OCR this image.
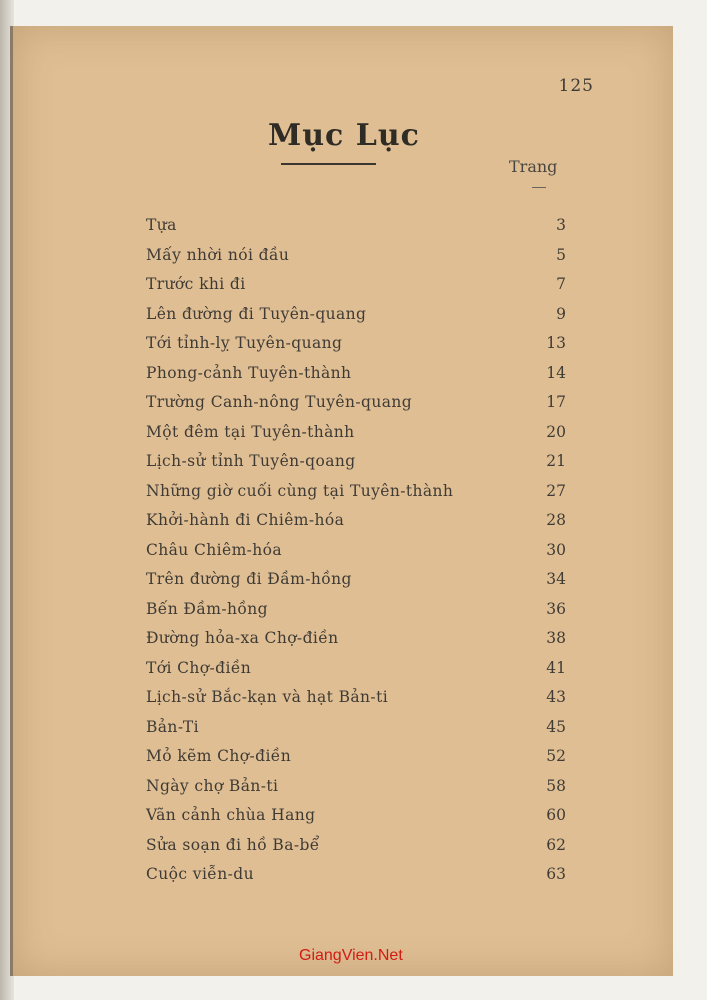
125
Mục Lục
Trang
Tựa	3
Mấy nhời nói đầu	5
Trước khi đi	7
Lên đường đi Tuyên-quang	9
Tới tỉnh-lỵ Tuyên-quang	13
Phong-cảnh Tuyên-thành	14
Trường Canh-nông Tuyên-quang	17
Một đêm tại Tuyên-thành	20
Lịch-sử tỉnh Tuyên-qoang	21
Những giờ cuối cùng tại Tuyên-thành	27
Khởi-hành đi Chiêm-hóa	28
Châu Chiêm-hóa	30
Trên đường đi Đầm-hồng	34
Bến Đầm-hồng	36
Đường hỏa-xa Chợ-điền	38
Tới Chợ-điền	41
Lịch-sử Bắc-kạn và hạt Bản-ti	43
Bản-Ti	45
Mỏ kẽm Chợ-điền	52
Ngày chợ Bản-ti	58
Vãn cảnh chùa Hang	60
Sửa soạn đi hồ Ba-bể	62
Cuộc viễn-du	63
GiangVien.Net
